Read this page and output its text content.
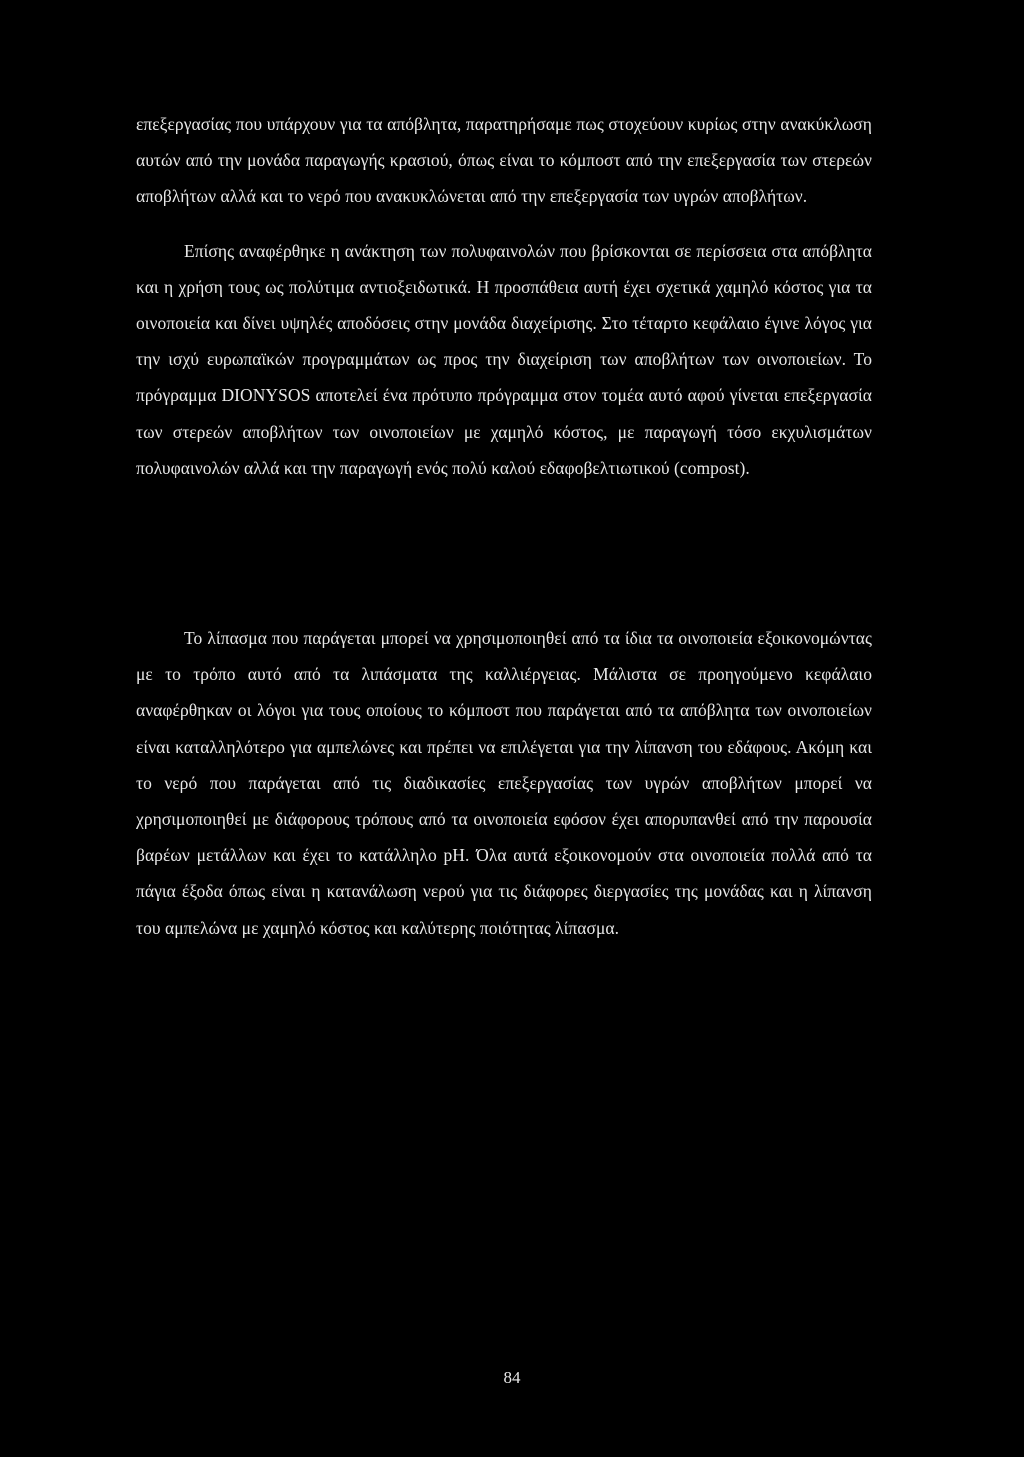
επεξεργασίας που υπάρχουν για τα απόβλητα, παρατηρήσαμε πως στοχεύουν κυρίως στην ανακύκλωση αυτών από την μονάδα παραγωγής κρασιού, όπως είναι το κόμποστ από την επεξεργασία των στερεών αποβλήτων αλλά και το νερό που ανακυκλώνεται από την επεξεργασία των υγρών αποβλήτων.

Επίσης αναφέρθηκε η ανάκτηση των πολυφαινολών που βρίσκονται σε περίσσεια στα απόβλητα και η χρήση τους ως πολύτιμα αντιοξειδωτικά. Η προσπάθεια αυτή έχει σχετικά χαμηλό κόστος για τα οινοποιεία και δίνει υψηλές αποδόσεις στην μονάδα διαχείρισης. Στο τέταρτο κεφάλαιο έγινε λόγος για την ισχύ ευρωπαϊκών προγραμμάτων ως προς την διαχείριση των αποβλήτων των οινοποιείων. Το πρόγραμμα DIONYSOS αποτελεί ένα πρότυπο πρόγραμμα στον τομέα αυτό αφού γίνεται επεξεργασία των στερεών αποβλήτων των οινοποιείων με χαμηλό κόστος, με παραγωγή τόσο εκχυλισμάτων πολυφαινολών αλλά και την παραγωγή ενός πολύ καλού εδαφοβελτιωτικού (compost).

Το λίπασμα που παράγεται μπορεί να χρησιμοποιηθεί από τα ίδια τα οινοποιεία εξοικονομώντας με το τρόπο αυτό από τα λιπάσματα της καλλιέργειας. Μάλιστα σε προηγούμενο κεφάλαιο αναφέρθηκαν οι λόγοι για τους οποίους το κόμποστ που παράγεται από τα απόβλητα των οινοποιείων είναι καταλληλότερο για αμπελώνες και πρέπει να επιλέγεται για την λίπανση του εδάφους. Ακόμη και το νερό που παράγεται από τις διαδικασίες επεξεργασίας των υγρών αποβλήτων μπορεί να χρησιμοποιηθεί με διάφορους τρόπους από τα οινοποιεία εφόσον έχει απορυπανθεί από την παρουσία βαρέων μετάλλων και έχει το κατάλληλο pH. Όλα αυτά εξοικονομούν στα οινοποιεία πολλά από τα πάγια έξοδα όπως είναι η κατανάλωση νερού για τις διάφορες διεργασίες της μονάδας και η λίπανση του αμπελώνα με χαμηλό κόστος και καλύτερης ποιότητας λίπασμα.

84
